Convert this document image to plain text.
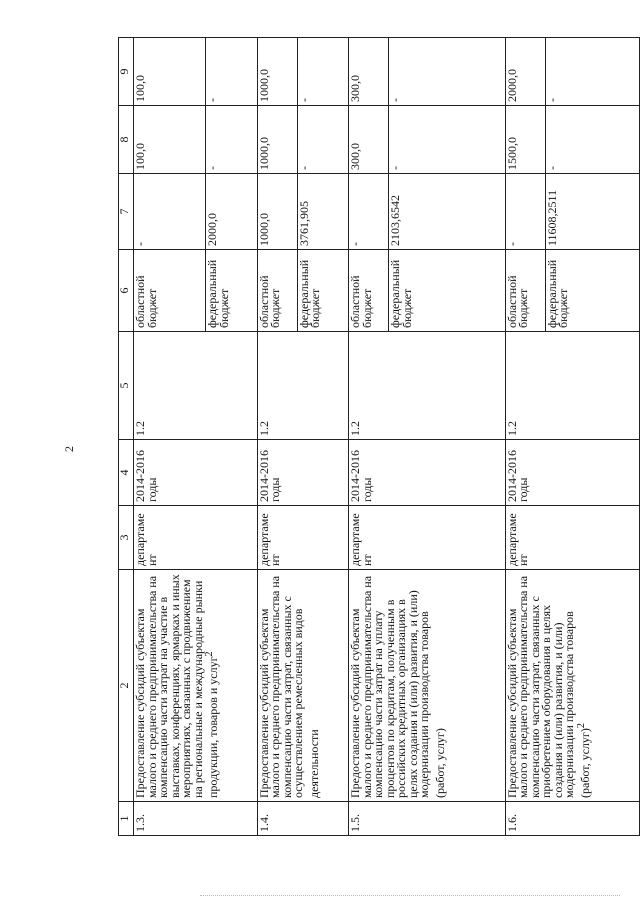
2
1	2	3	4	5	6	7	8	9
1.3.	Предоставление субсидий субъектам малого и среднего предпринимательства на компенсацию части затрат на участие в выставках, конференциях, ярмарках и иных мероприятиях, связанных с продвижением на региональные и международные рынки продукции, товаров и услуг$^2$	департамент	2014-2016 годы	1.2	областной бюджет	-	100,0	100,0
					федеральный бюджет	2000,0	-	-
1.4.	Предоставление субсидий субъектам малого и среднего предпринимательства на компенсацию части затрат, связанных с осуществлением ремесленных видов деятельности	департамент	2014-2016 годы	1.2	областной бюджет	1000,0	1000,0	1000,0
					федеральный бюджет	3761,905	-	-
1.5.	Предоставление субсидий субъектам малого и среднего предпринимательства на компенсацию части затрат на уплату процентов по кредитам, полученным в российских кредитных организациях в целях создания и (или) развития, и (или) модернизации производства товаров (работ, услуг)	департамент	2014-2016 годы	1.2	областной бюджет	-	300,0	300,0
					федеральный бюджет	2103,6542	-	-
1.6.	Предоставление субсидий субъектам малого и среднего предпринимательства на компенсацию части затрат, связанных с приобретением оборудования в целях создания и (или) развития, и (или) модернизации производства товаров (работ, услуг)$^2$	департамент	2014-2016 годы	1.2	областной бюджет	-	1500,0	2000,0
					федеральный бюджет	11608,2511	-	-
